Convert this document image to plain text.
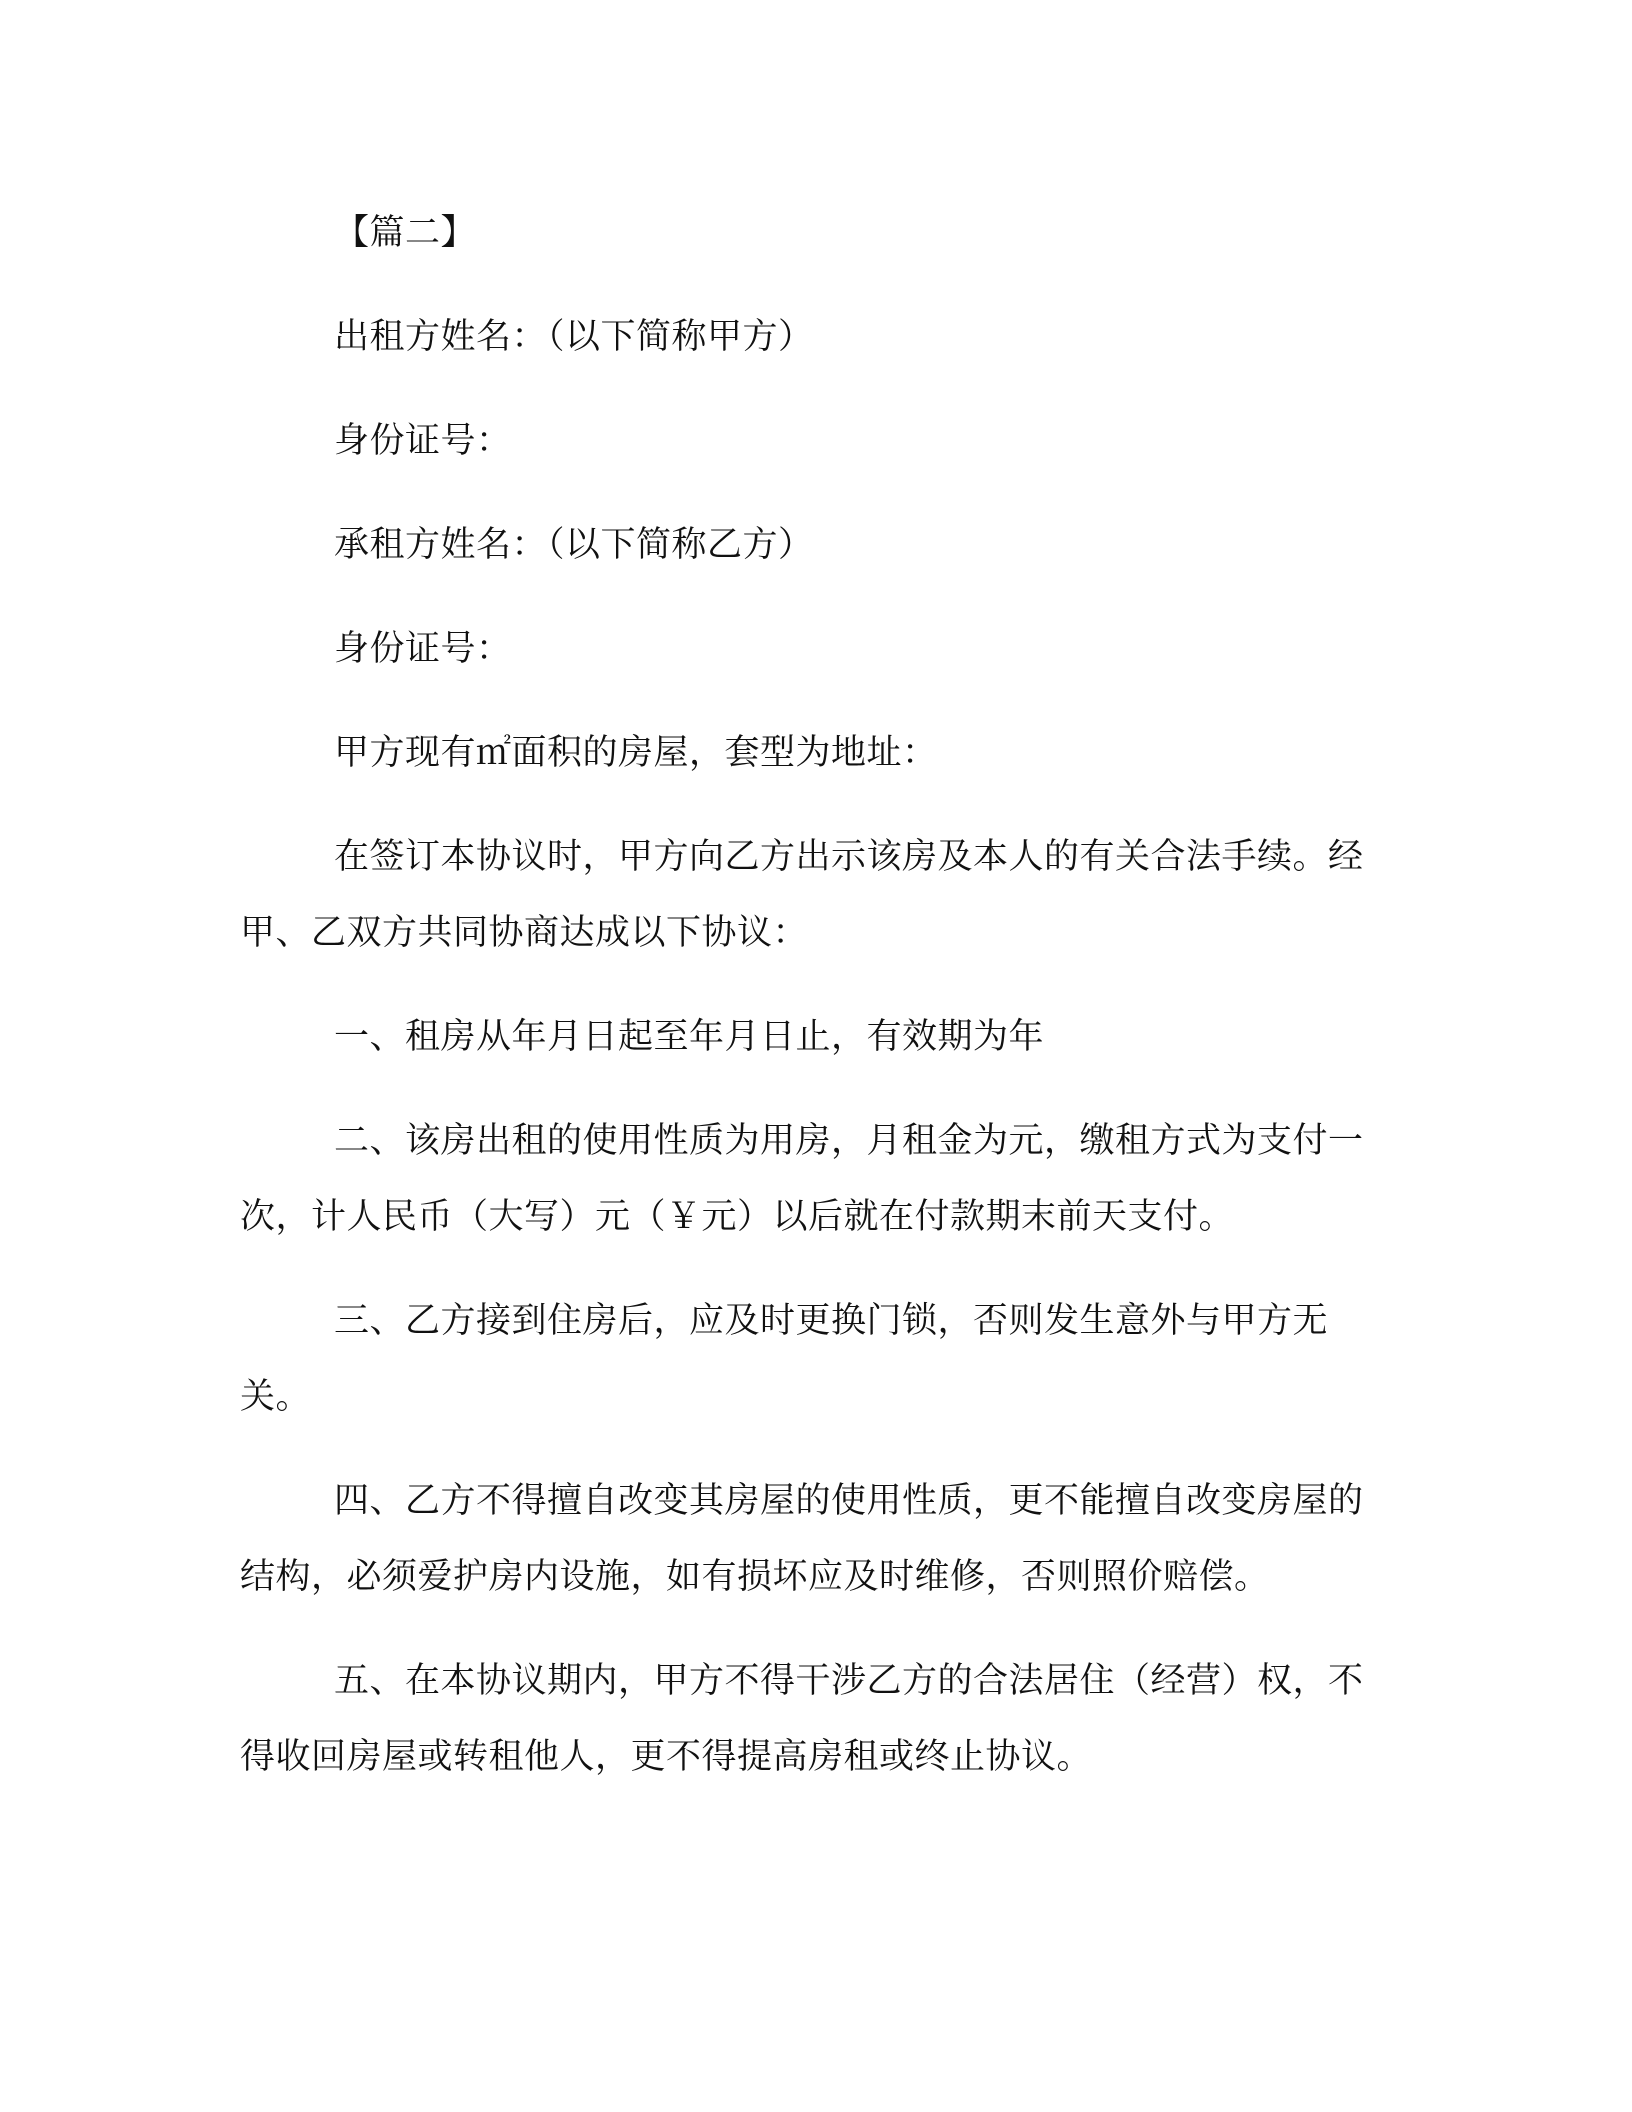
【篇二】

出租方姓名：（以下简称甲方）

身份证号：

承租方姓名：（以下简称乙方）

身份证号：

甲方现有㎡面积的房屋，套型为地址：

在签订本协议时，甲方向乙方出示该房及本人的有关合法手续。经甲、乙双方共同协商达成以下协议：

一、租房从年月日起至年月日止，有效期为年

二、该房出租的使用性质为用房，月租金为元，缴租方式为支付一次，计人民币（大写）元（￥元）以后就在付款期末前天支付。

三、乙方接到住房后，应及时更换门锁，否则发生意外与甲方无关。

四、乙方不得擅自改变其房屋的使用性质，更不能擅自改变房屋的结构，必须爱护房内设施，如有损坏应及时维修，否则照价赔偿。

五、在本协议期内，甲方不得干涉乙方的合法居住（经营）权，不得收回房屋或转租他人，更不得提高房租或终止协议。
